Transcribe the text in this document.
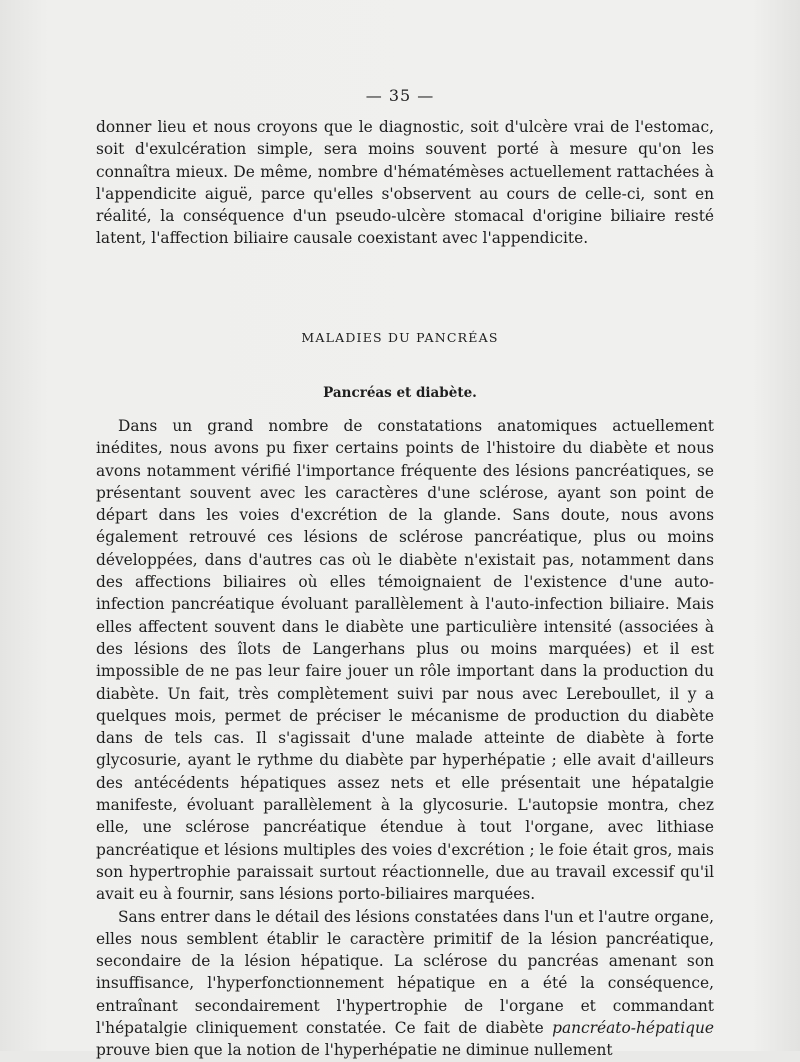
— 35 —

donner lieu et nous croyons que le diagnostic, soit d'ulcère vrai de l'estomac, soit d'exulcération simple, sera moins souvent porté à mesure qu'on les connaîtra mieux. De même, nombre d'hématémèses actuellement rattachées à l'appendicite aiguë, parce qu'elles s'observent au cours de celle-ci, sont en réalité, la conséquence d'un pseudo-ulcère stomacal d'origine biliaire resté latent, l'affection biliaire causale coexistant avec l'appendicite.

MALADIES DU PANCRÉAS
Pancréas et diabète.

Dans un grand nombre de constatations anatomiques actuellement inédites, nous avons pu fixer certains points de l'histoire du diabète et nous avons notamment vérifié l'importance fréquente des lésions pancréatiques, se présentant souvent avec les caractères d'une sclérose, ayant son point de départ dans les voies d'excrétion de la glande. Sans doute, nous avons également retrouvé ces lésions de sclérose pancréatique, plus ou moins développées, dans d'autres cas où le diabète n'existait pas, notamment dans des affections biliaires où elles témoignaient de l'existence d'une auto-infection pancréatique évoluant parallèlement à l'auto-infection biliaire. Mais elles affectent souvent dans le diabète une particulière intensité (associées à des lésions des îlots de Langerhans plus ou moins marquées) et il est impossible de ne pas leur faire jouer un rôle important dans la production du diabète. Un fait, très complètement suivi par nous avec Lereboullet, il y a quelques mois, permet de préciser le mécanisme de production du diabète dans de tels cas. Il s'agissait d'une malade atteinte de diabète à forte glycosurie, ayant le rythme du diabète par hyperhépatie ; elle avait d'ailleurs des antécédents hépatiques assez nets et elle présentait une hépatalgie manifeste, évoluant parallèlement à la glycosurie. L'autopsie montra, chez elle, une sclérose pancréatique étendue à tout l'organe, avec lithiase pancréatique et lésions multiples des voies d'excrétion ; le foie était gros, mais son hypertrophie paraissait surtout réactionnelle, due au travail excessif qu'il avait eu à fournir, sans lésions porto-biliaires marquées.

Sans entrer dans le détail des lésions constatées dans l'un et l'autre organe, elles nous semblent établir le caractère primitif de la lésion pancréatique, secondaire de la lésion hépatique. La sclérose du pancréas amenant son insuffisance, l'hyperfonctionnement hépatique en a été la conséquence, entraînant secondairement l'hypertrophie de l'organe et commandant l'hépatalgie cliniquement constatée. Ce fait de diabète pancréato-hépatique prouve bien que la notion de l'hyperhépatie ne diminue nullement
